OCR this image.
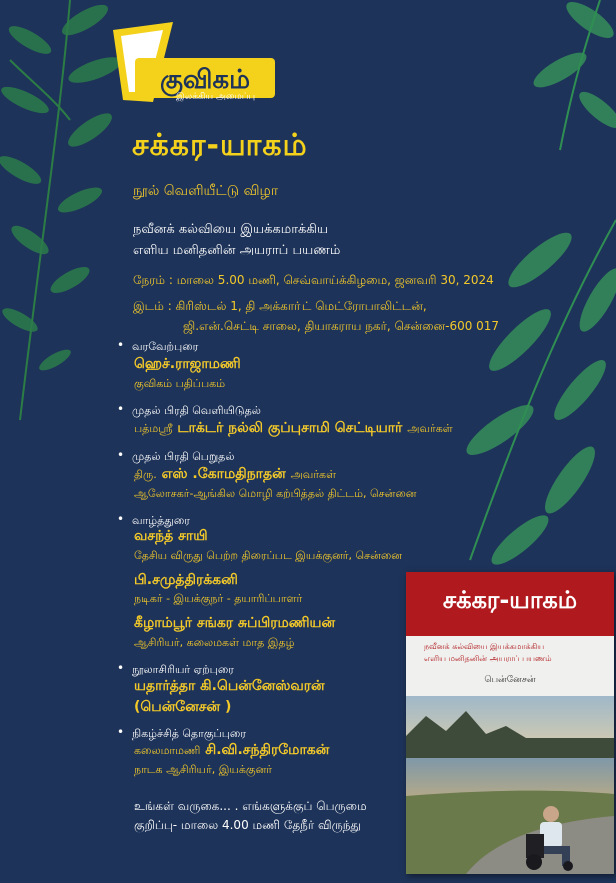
குவிகம்
இலக்கிய அமைப்பு
சக்கர-யாகம்
நூல் வெளியீட்டு விழா
நவீனக் கல்வியை இயக்கமாக்கிய
எளிய மனிதனின் அயராப் பயணம்
நேரம் : மாலை 5.00 மணி, செவ்வாய்க்கிழமை, ஜனவரி 30, 2024
இடம் : கிரிஸ்டல் 1, தி அக்காா்ட் மெட்ரோபாலிட்டன்,
ஜி.என்.செட்டி சாலை, தியாகராய நகர், சென்னை-600 017
• வரவேற்புரை
ஹெச்.ராஜாமணி
குவிகம் பதிப்பகம்
• முதல் பிரதி வெளியிடுதல்
பத்மஸ்ரீ டாக்டர் நல்லி குப்புசாமி செட்டியார் அவர்கள்
• முதல் பிரதி பெறுதல்
திரு. எஸ் .கோமதிநாதன் அவர்கள்
ஆலோசகர்-ஆங்கில மொழி கற்பித்தல் திட்டம், சென்னை
• வாழ்த்துரை
வசந்த் சாயி
தேசிய விருது பெற்ற திரைப்பட இயக்குனர், சென்னை
பி.சமுத்திரக்கனி
நடிகர் - இயக்குநர் - தயாரிப்பாளர்
கீழாம்பூர் சங்கர சுப்பிரமணியன்
ஆசிரியர், கலைமகள் மாத இதழ்
• நூலாசிரியர் ஏற்புரை
யதார்த்தா கி.பென்னேஸ்வரன்
(பென்னேசன் )
• நிகழ்ச்சித் தொகுப்புரை
கலைமாமணி சி.வி.சந்திரமோகன்
நாடக ஆசிரியர், இயக்குனர்
உங்கள் வருகை... . எங்களுக்குப் பெருமை
குறிப்பு- மாலை 4.00 மணி தேநீர் விருந்து
சக்கர-யாகம்
நவீனக் கல்வியை இயக்கமாக்கிய
எளிய மனிதனின் அயராப் பயணம்
பென்னேசன்
